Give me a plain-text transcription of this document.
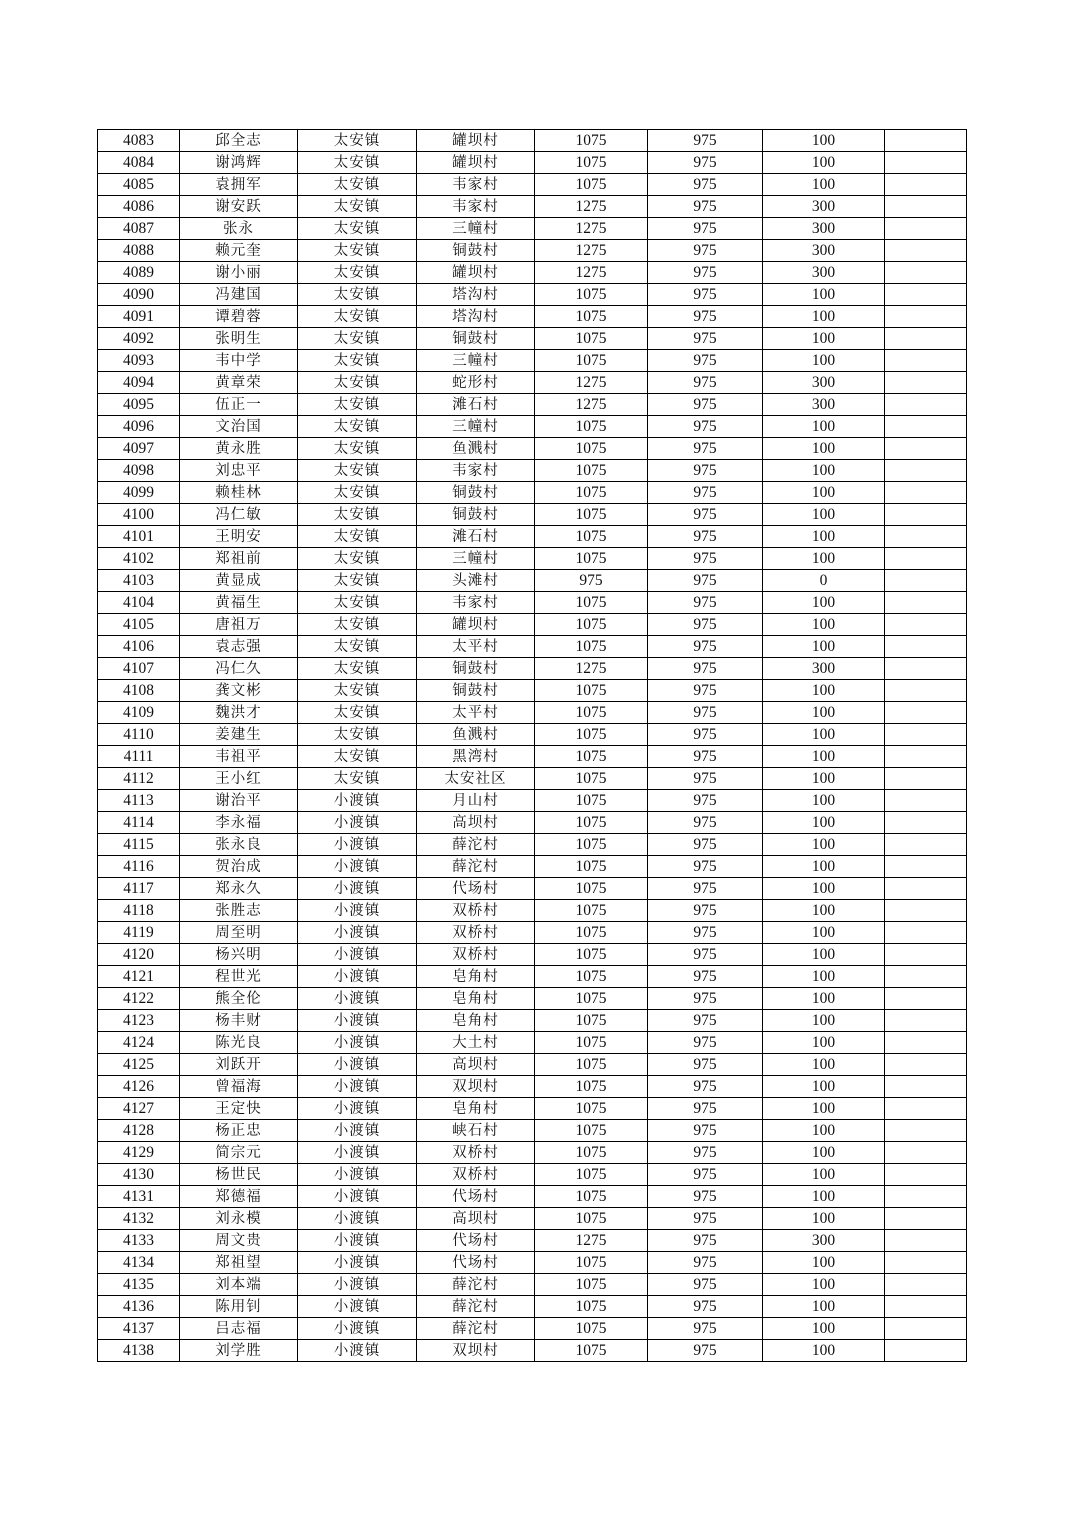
4083	邱全志	太安镇	罐坝村	1075	975	100	
4084	谢鸿辉	太安镇	罐坝村	1075	975	100	
4085	袁拥军	太安镇	韦家村	1075	975	100	
4086	谢安跃	太安镇	韦家村	1275	975	300	
4087	张永	太安镇	三幢村	1275	975	300	
4088	赖元奎	太安镇	铜鼓村	1275	975	300	
4089	谢小丽	太安镇	罐坝村	1275	975	300	
4090	冯建国	太安镇	塔沟村	1075	975	100	
4091	谭碧蓉	太安镇	塔沟村	1075	975	100	
4092	张明生	太安镇	铜鼓村	1075	975	100	
4093	韦中学	太安镇	三幢村	1075	975	100	
4094	黄章荣	太安镇	蛇形村	1275	975	300	
4095	伍正一	太安镇	滩石村	1275	975	300	
4096	文治国	太安镇	三幢村	1075	975	100	
4097	黄永胜	太安镇	鱼溅村	1075	975	100	
4098	刘忠平	太安镇	韦家村	1075	975	100	
4099	赖桂林	太安镇	铜鼓村	1075	975	100	
4100	冯仁敏	太安镇	铜鼓村	1075	975	100	
4101	王明安	太安镇	滩石村	1075	975	100	
4102	郑祖前	太安镇	三幢村	1075	975	100	
4103	黄显成	太安镇	头滩村	975	975	0	
4104	黄福生	太安镇	韦家村	1075	975	100	
4105	唐祖万	太安镇	罐坝村	1075	975	100	
4106	袁志强	太安镇	太平村	1075	975	100	
4107	冯仁久	太安镇	铜鼓村	1275	975	300	
4108	龚文彬	太安镇	铜鼓村	1075	975	100	
4109	魏洪才	太安镇	太平村	1075	975	100	
4110	姜建生	太安镇	鱼溅村	1075	975	100	
4111	韦祖平	太安镇	黑湾村	1075	975	100	
4112	王小红	太安镇	太安社区	1075	975	100	
4113	谢治平	小渡镇	月山村	1075	975	100	
4114	李永福	小渡镇	高坝村	1075	975	100	
4115	张永良	小渡镇	薛沱村	1075	975	100	
4116	贺治成	小渡镇	薛沱村	1075	975	100	
4117	郑永久	小渡镇	代场村	1075	975	100	
4118	张胜志	小渡镇	双桥村	1075	975	100	
4119	周至明	小渡镇	双桥村	1075	975	100	
4120	杨兴明	小渡镇	双桥村	1075	975	100	
4121	程世光	小渡镇	皂角村	1075	975	100	
4122	熊全伦	小渡镇	皂角村	1075	975	100	
4123	杨丰财	小渡镇	皂角村	1075	975	100	
4124	陈光良	小渡镇	大土村	1075	975	100	
4125	刘跃开	小渡镇	高坝村	1075	975	100	
4126	曾福海	小渡镇	双坝村	1075	975	100	
4127	王定快	小渡镇	皂角村	1075	975	100	
4128	杨正忠	小渡镇	峡石村	1075	975	100	
4129	简宗元	小渡镇	双桥村	1075	975	100	
4130	杨世民	小渡镇	双桥村	1075	975	100	
4131	郑德福	小渡镇	代场村	1075	975	100	
4132	刘永模	小渡镇	高坝村	1075	975	100	
4133	周文贵	小渡镇	代场村	1275	975	300	
4134	郑祖望	小渡镇	代场村	1075	975	100	
4135	刘本端	小渡镇	薛沱村	1075	975	100	
4136	陈用钊	小渡镇	薛沱村	1075	975	100	
4137	吕志福	小渡镇	薛沱村	1075	975	100	
4138	刘学胜	小渡镇	双坝村	1075	975	100	
